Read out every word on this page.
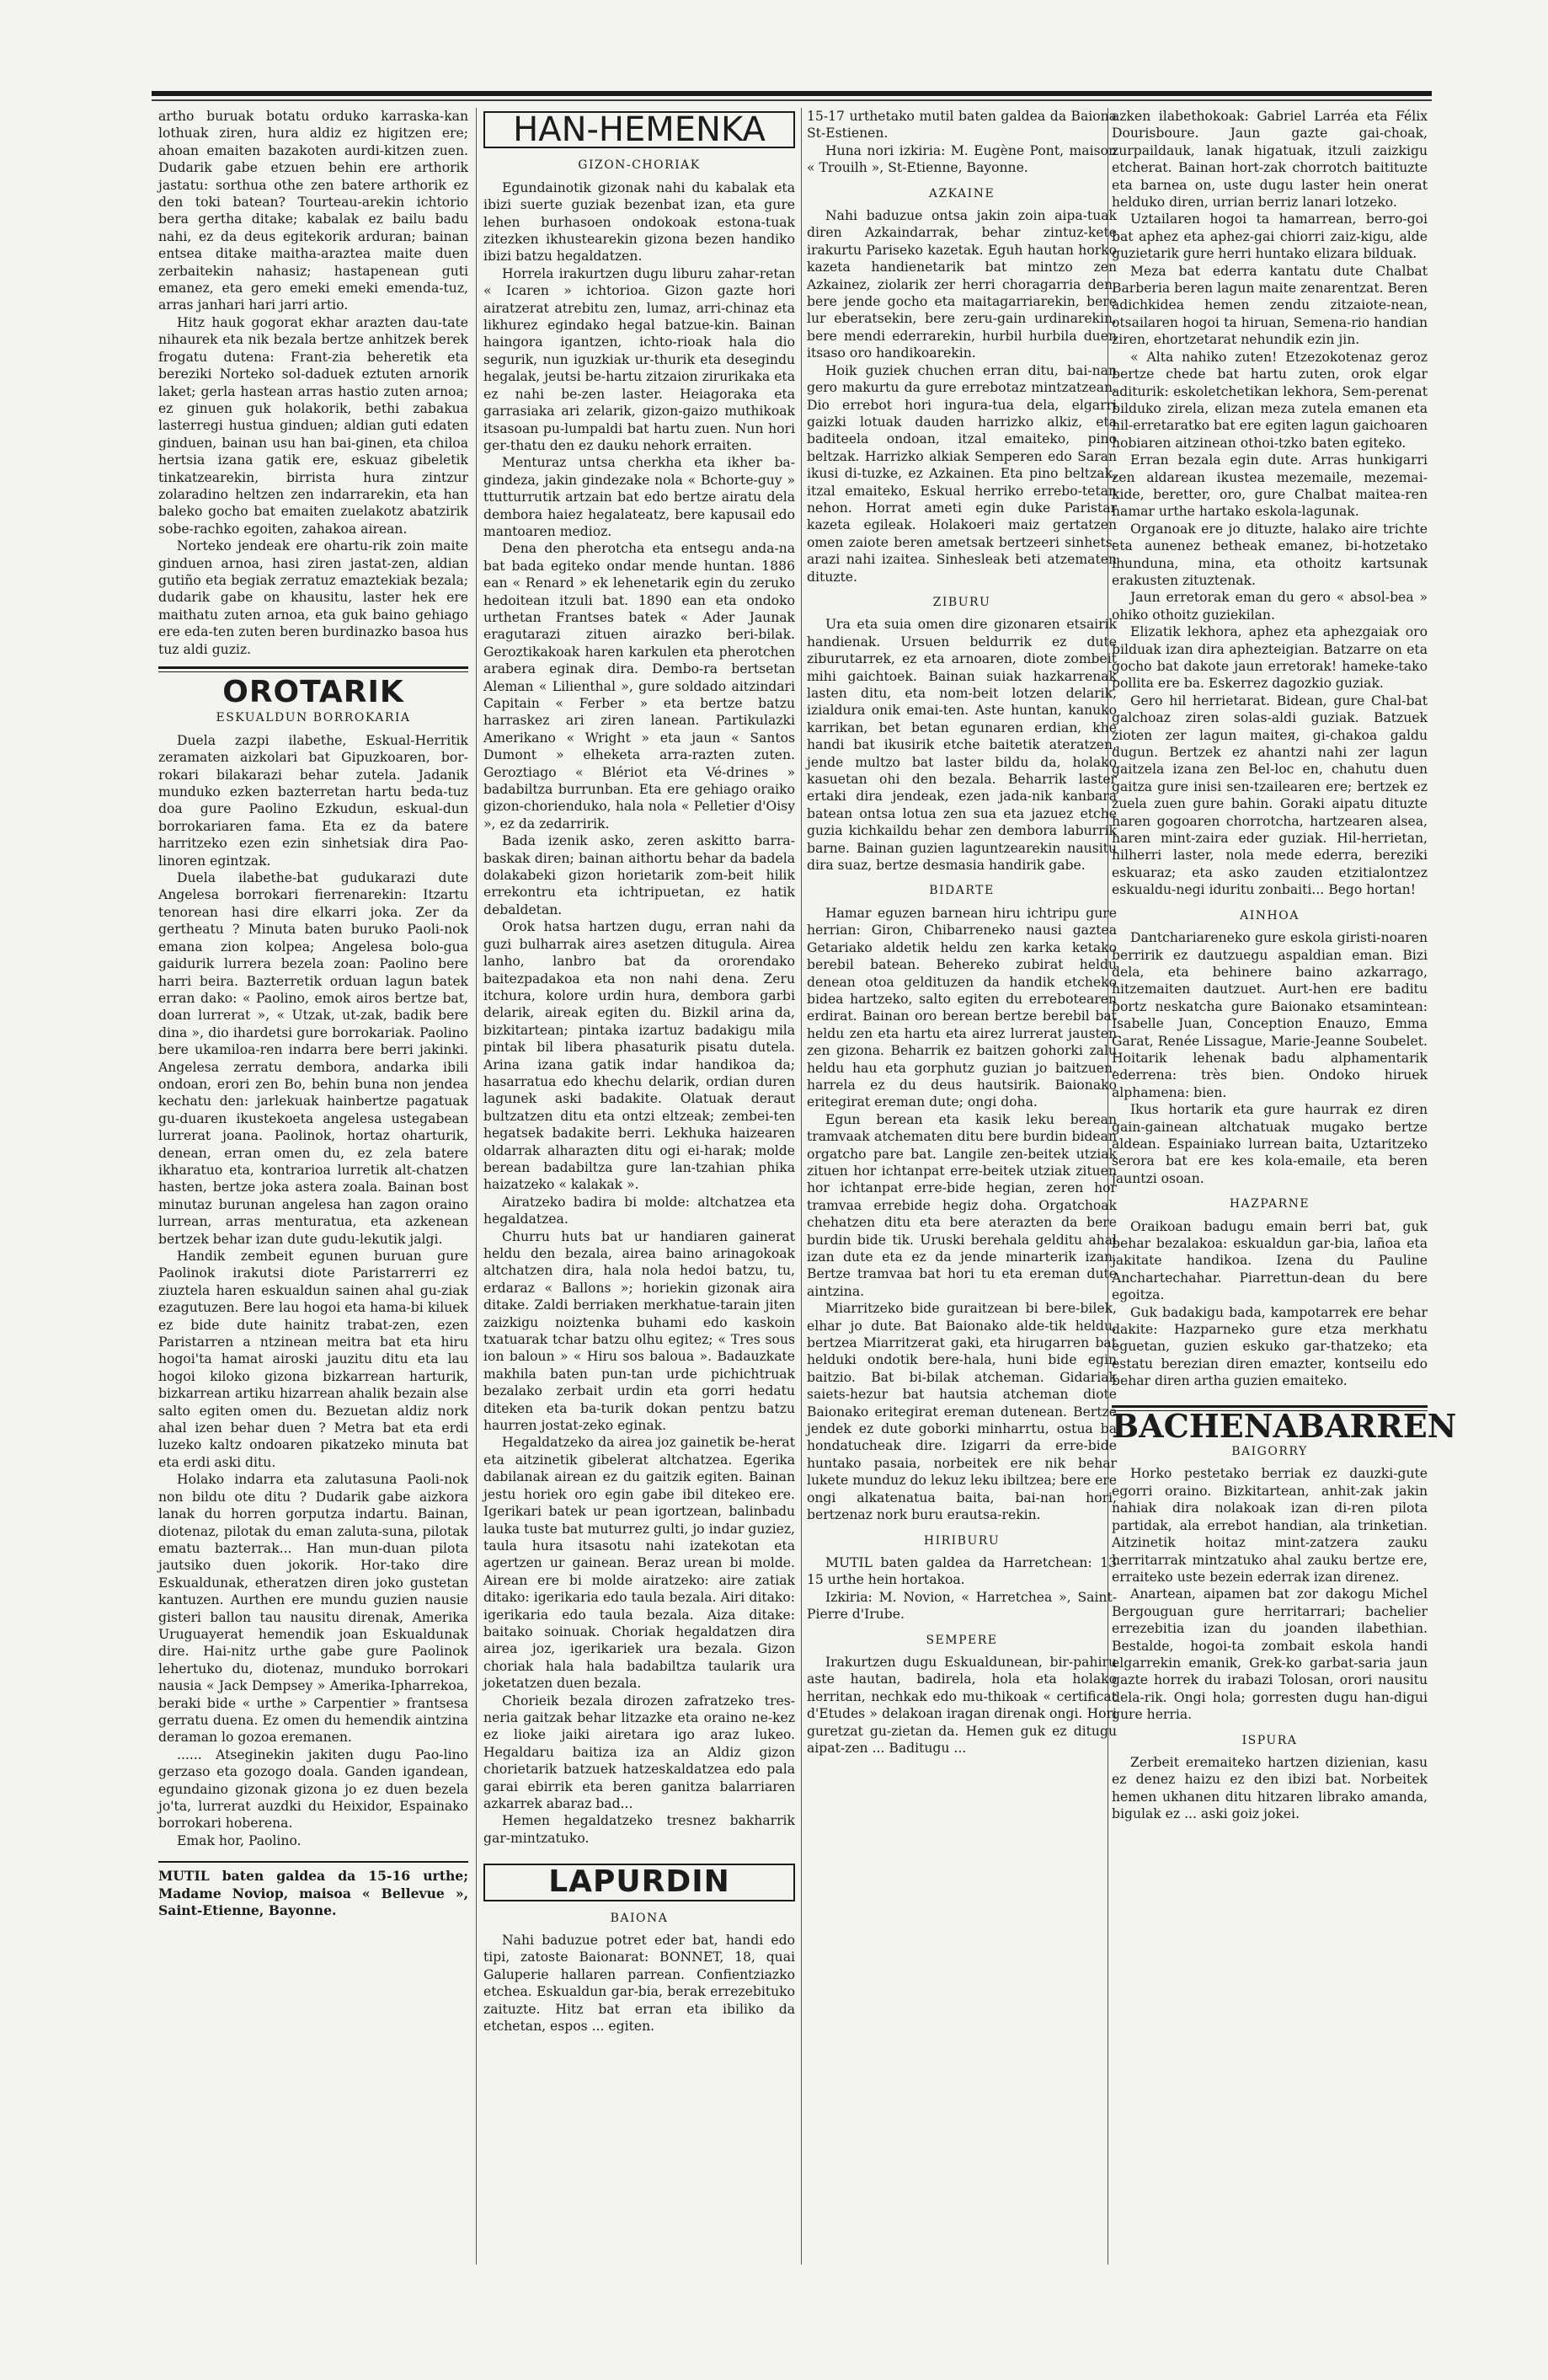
artho buruak botatu orduko karraska-kan lothuak ziren, hura aldiz ez higitzen ere; ahoan emaiten bazakoten aurdi-kitzen zuen. Dudarik gabe etzuen behin ere arthorik jastatu: sorthua othe zen batere arthorik ez den toki batean? Tourteau-arekin ichtorio bera gertha ditake; kabalak ez bailu badu nahi, ez da deus egitekorik arduran; bainan entsea ditake maitha-araztea maite duen zerbaitekin nahasiz; hastapenean guti emanez, eta gero emeki emeki emenda-tuz, arras janhari hari jarri artio.

Hitz hauk gogorat ekhar arazten dau-tate nihaurek eta nik bezala bertze anhitzek berek frogatu dutena: Frant-zia beheretik eta bereziki Norteko sol-daduek eztuten arnorik laket; gerla hastean arras hastio zuten arnoa; ez ginuen guk holakorik, bethi zabakua lasterregi hustua ginduen; aldian guti edaten ginduen, bainan usu han bai-ginen, eta chiloa hertsia izana gatik ere, eskuaz gibeletik tinkatzearekin, birrista hura zintzur zolaradino heltzen zen indarrarekin, eta han baleko gocho bat emaiten zuelakotz abatzirik sobe-rachko egoiten, zahakoa airean.

Norteko jendeak ere ohartu-rik zoin maite ginduen arnoa, hasi ziren jastat-zen, aldian gutiño eta begiak zerratuz emaztekiak bezala; dudarik gabe on khausitu, laster hek ere maithatu zuten arnoa, eta guk baino gehiago ere eda-ten zuten beren burdinazko basoa hus tuz aldi guziz.

OROTARIK
ESKUALDUN BORROKARIA

Duela zazpi ilabethe, Eskual-Herritik zeramaten aizkolari bat Gipuzkoaren, bor-rokari bilakarazi behar zutela. Jadanik munduko ezken bazterretan hartu beda-tuz doa gure Paolino Ezkudun, eskual-dun borrokariaren fama. Eta ez da batere harritzeko ezen ezin sinhetsiak dira Pao-linoren egintzak.

Duela ilabethe-bat gudukarazi dute Angelesa borrokari fierrenarekin: Itzartu tenorean hasi dire elkarri joka. Zer da gertheatu ? Minuta baten buruko Paoli-nok emana zion kolpea; Angelesa bolo-gua gaidurik lurrera bezela zoan: Paolino bere harri beira. Bazterretik orduan lagun batek erran dako: « Paolino, emok airos bertze bat, doan lurrerat », « Utzak, ut-zak, badik bere dina », dio ihardetsi gure borrokariak. Paolino bere ukamiloa-ren indarra bere berri jakinki. Angelesa zerratu dembora, andarka ibili ondoan, erori zen Bo, behin buna non jendea kechatu den: jarlekuak hainbertze pagatuak gu-duaren ikustekoeta angelesa ustegabean lurrerat joana. Paolinok, hortaz oharturik, denean, erran omen du, ez zela batere ikharatuo eta, kontrarioa lurretik alt-chatzen hasten, bertze joka astera zoala. Bainan bost minutaz burunan angelesa han zagon oraino lurrean, arras menturatua, eta azkenean bertzek behar izan dute gudu-lekutik jalgi.

Handik zembeit egunen buruan gure Paolinok irakutsi diote Paristarrerri ez ziuztela haren eskualdun sainen ahal gu-ziak ezagutuzen. Bere lau hogoi eta hama-bi kiluek ez bide dute hainitz trabat-zen, ezen Paristarren a ntzinean meitra bat eta hiru hogoi'ta hamat airoski jauzitu ditu eta lau hogoi kiloko gizona bizkarrean harturik, bizkarrean artiku hizarrean ahalik bezain alse salto egiten omen du. Bezuetan aldiz nork ahal izen behar duen ? Metra bat eta erdi luzeko kaltz ondoaren pikatzeko minuta bat eta erdi aski ditu.

Holako indarra eta zalutasuna Paoli-nok non bildu ote ditu ? Dudarik gabe aizkora lanak du horren gorputza indartu. Bainan, diotenaz, pilotak du eman zaluta-suna, pilotak ematu bazterrak... Han mun-duan pilota jautsiko duen jokorik. Hor-tako dire Eskualdunak, etheratzen diren joko gustetan kantuzen. Aurthen ere mundu guzien nausie gisteri ballon tau nausitu direnak, Amerika Uruguayerat hemendik joan Eskualdunak dire. Hai-nitz urthe gabe gure Paolinok lehertuko du, diotenaz, munduko borrokari nausia « Jack Dempsey » Amerika-Ipharrekoa, beraki bide « urthe » Carpentier » frantsesa gerratu duena. Ez omen du hemendik aintzina deraman lo gozoa eremanen.

...... Atseginekin jakiten dugu Pao-lino gerzaso eta gozogo doala. Ganden igandean, egundaino gizonak gizona jo ez duen bezela jo'ta, lurrerat auzdki du Heixidor, Espainako borrokari hoberena.

Emak hor, Paolino.

MUTIL baten galdea da 15-16 urthe; Madame Noviop, maisoa « Bellevue », Saint-Etienne, Bayonne.

HAN-HEMENKA
GIZON-CHORIAK

Egundainotik gizonak nahi du kabalak eta ibizi suerte guziak bezenbat izan, eta gure lehen burhasoen ondokoak estona-tuak zitezken ikhustearekin gizona bezen handiko ibizi batzu hegaldatzen.

Horrela irakurtzen dugu liburu zahar-retan « Icaren » ichtorioa. Gizon gazte hori airatzerat atrebitu zen, lumaz, arri-chinaz eta likhurez egindako hegal batzue-kin. Bainan haingora igantzen, ichto-rioak hala dio segurik, nun iguzkiak ur-thurik eta desegindu hegalak, jeutsi be-hartu zitzaion zirurikaka eta ez nahi be-zen laster. Heiagoraka eta garrasiaka ari zelarik, gizon-gaizo muthikoak itsasoan pu-lumpaldi bat hartu zuen. Nun hori ger-thatu den ez dauku nehork erraiten.

Menturaz untsa cherkha eta ikher ba-gindeza, jakin gindezake nola « Bchorte-guy » ttutturrutik artzain bat edo bertze airatu dela dembora haiez hegalateatz, bere kapusail edo mantoaren medioz.

Dena den pherotcha eta entsegu anda-na bat bada egiteko ondar mende huntan. 1886 ean « Renard » ek lehenetarik egin du zeruko hedoitean itzuli bat. 1890 ean eta ondoko urthetan Frantses batek « Ader Jaunak eragutarazi zituen airazko beri-bilak. Geroztikakoak haren karkulen eta pherotchen arabera eginak dira. Dembo-ra bertsetan Aleman « Lilienthal », gure soldado aitzindari Capitain « Ferber » eta bertze batzu harraskez ari ziren lanean. Partikulazki Amerikano « Wright » eta jaun « Santos Dumont » elheketa arra-razten zuten. Geroztiago « Blériot eta Vé-drines » badabiltza burrunban. Eta ere gehiago oraiko gizon-chorienduko, hala nola « Pelletier d'Oisy », ez da zedarririk.

Bada izenik asko, zeren askitto barra-baskak diren; bainan aithortu behar da badela dolakabeki gizon horietarik zom-beit hilik errekontru eta ichtripuetan, ez hatik debaldetan.

Orok hatsa hartzen dugu, erran nahi da guzi bulharrak aireз asetzen ditugula. Airea lanho, lanbro bat da ororendako baitezpadakoa eta non nahi dena. Zeru itchura, kolore urdin hura, dembora garbi delarik, aireak egiten du. Bizkil arina da, bizkitartean; pintaka izartuz badakigu mila pintak bil libera phasaturik pisatu dutela. Arina izana gatik indar handikoa da; hasarratua edo khechu delarik, ordian duren lagunek aski badakite. Olatuak deraut bultzatzen ditu eta ontzi eltzeak; zembei-ten hegatsek badakite berri. Lekhuka haizearen oldarrak alharazten ditu ogi ei-harak; molde berean badabiltza gure lan-tzahian phika haizatzeko « kalakak ».

Airatzeko badira bi molde: altchatzea eta hegaldatzea.

Churru huts bat ur handiaren gainerat heldu den bezala, airea baino arinagokoak altchatzen dira, hala nola hedoi batzu, tu, erdaraz « Ballons »; horiekin gizonak aira ditake. Zaldi berriaken merkhatue-tarain jiten zaizkigu noiztenka buhami edo kaskoin txatuarak tchar batzu olhu egitez; « Tres sous ion baloun » « Hiru sos baloua ». Badauzkate makhila baten pun-tan urde pichichtruak bezalako zerbait urdin eta gorri hedatu diteken eta ba-turik dokan pentzu batzu haurren jostat-zeko eginak.

Hegaldatzeko da airea joz gainetik be-herat eta aitzinetik gibelerat altchatzea. Egerika dabilanak airean ez du gaitzik egiten. Bainan jestu horiek oro egin gabe ibil ditekeo ere. Igerikari batek ur pean igortzean, balinbadu lauka tuste bat muturrez gulti, jo indar guziez, taula hura itsasotu nahi izatekotan eta agertzen ur gainean. Beraz urean bi molde. Airean ere bi molde airatzeko: aire zatiak ditako: igerikaria edo taula bezala. Airi ditako: igerikaria edo taula bezala. Aiza ditake: baitako soinuak. Choriak hegaldatzen dira airea joz, igerikariek ura bezala. Gizon choriak hala hala badabiltza taularik ura joketatzen duen bezala.

Chorieik bezala dirozen zafratzeko tres-neria gaitzak behar litzazke eta oraino ne-kez ez lioke jaiki airetara igo araz lukeo. Hegaldaru baitiza iza an Aldiz gizon chorietarik batzuek hatzeskaldatzea edo pala garai ebirrik eta beren ganitza balarriaren azkarrek abaraz bad...

Hemen hegaldatzeko tresnez bakharrik gar-mintzatuko.

LAPURDIN
BAIONA

Nahi baduzue potret eder bat, handi edo tipi, zatoste Baionarat: BONNET, 18, quai Galuperie hallaren parrean. Confientziazko etchea. Eskualdun gar-bia, berak errezebituko zaituzte. Hitz bat erran eta ibiliko da etchetan, espos ... egiten.

15-17 urthetako mutil baten galdea da Baiona St-Estienen.

Huna nori izkiria: M. Eugène Pont, maison « Trouilh », St-Etienne, Bayonne.

AZKAINE

Nahi baduzue ontsa jakin zoin aipa-tuak diren Azkaindarrak, behar zintuz-kete irakurtu Pariseko kazetak. Eguh hautan horko kazeta handienetarik bat mintzo zen Azkainez, ziolarik zer herri choragarria den, bere jende gocho eta maitagarriarekin, bere lur eberatsekin, bere zeru-gain urdinarekin, bere mendi ederrarekin, hurbil hurbila duen itsaso oro handikoarekin.

Hoik guziek chuchen erran ditu, bai-nan gero makurtu da gure errebotaz mintzatzean. Dio errebot hori ingura-tua dela, elgarri gaizki lotuak dauden harrizko alkiz, eta baditeela ondoan, itzal emaiteko, pino beltzak. Harrizko alkiak Semperen edo Saran ikusi di-tuzke, ez Azkainen. Eta pino beltzak, itzal emaiteko, Eskual herriko errebo-tetan nehon. Horrat ameti egin duke Paristar kazeta egileak. Holakoeri maiz gertatzen omen zaiote beren ametsak bertzeeri sinhets-arazi nahi izaitea. Sinhesleak beti atzematen dituzte.

ZIBURU

Ura eta suia omen dire gizonaren etsairik handienak. Ursuen beldurrik ez dute ziburutarrek, ez eta arnoaren, diote zombeit mihi gaichtoek. Bainan suiak hazkarrenak lasten ditu, eta nom-beit lotzen delarik, izialdura onik emai-ten. Aste huntan, kanuko karrikan, bet betan egunaren erdian, khe handi bat ikusirik etche baitetik ateratzen, jende multzo bat laster bildu da, holako kasuetan ohi den bezala. Beharrik laster ertaki dira jendeak, ezen jada-nik kanbara batean ontsa lotua zen sua eta jazuez etche guzia kichkaildu behar zen dembora laburrik barne. Bainan guzien laguntzearekin nausitu dira suaz, bertze desmasia handirik gabe.

BIDARTE

Hamar eguzen barnean hiru ichtripu gure herrian: Giron, Chibarreneko nausi gaztea Getariako aldetik heldu zen karka ketako berebil batean. Behereko zubirat heldu denean otoa geldituzen da handik etcheko bidea hartzeko, salto egiten du errebotearen erdirat. Bainan oro berean bertze berebil bat heldu zen eta hartu eta airez lurrerat jausten zen gizona. Beharrik ez baitzen gohorki zalu heldu hau eta gorphutz guzian jo baitzuen, harrela ez du deus hautsirik. Baionako eritegirat ereman dute; ongi doha.

Egun berean eta kasik leku berean tramvaak atchematen ditu bere burdin bidean orgatcho pare bat. Langile zen-beitek utziak zituen hor ichtanpat erre-beitek utziak zituen hor ichtanpat erre-bide hegian, zeren hor tramvaa errebide hegiz doha. Orgatchoak chehatzen ditu eta bere aterazten da bere burdin bide tik. Uruski berehala gelditu ahal izan dute eta ez da jende minarterik izan. Bertze tramvaa bat hori tu eta ereman dute aintzina.

Miarritzeko bide guraitzean bi bere-bilek, elhar jo dute. Bat Baionako alde-tik heldu, bertzea Miarritzerat gaki, eta hirugarren bat helduki ondotik bere-hala, huni bide egin baitzio. Bat bi-bilak atcheman. Gidariak saiets-hezur bat hautsia atcheman diote Baionako eritegirat ereman dutenean. Bertze jendek ez dute goborki minharrtu, ostua ba hondatucheak dire. Izigarri da erre-bide huntako pasaia, norbeitek ere nik behar lukete munduz do lekuz leku ibiltzea; bere ere ongi alkatenatua baita, bai-nan hori, bertzenaz nork buru erautsa-rekin.

HIRIBURU

MUTIL baten galdea da Harretchean: 13 15 urthe hein hortakoa.

Izkiria: M. Novion, « Harretchea », Saint-Pierre d'Irube.

SEMPERE

Irakurtzen dugu Eskualdunean, bir-pahiru aste hautan, badirela, hola eta holako herritan, nechkak edo mu-thikoak « certificat d'Etudes » delakoan iragan direnak ongi. Hori guretzat gu-zietan da. Hemen guk ez ditugu aipat-zen ... Baditugu ...

azken ilabethokoak: Gabriel Larréa eta Félix Dourisboure. Jaun gazte gai-choak, zurpaildauk, lanak higatuak, itzuli zaizkigu etcherat. Bainan hort-zak chorrotch baitituzte eta barnea on, uste dugu laster hein onerat helduko diren, urrian berriz lanari lotzeko.

Uztailaren hogoi ta hamarrean, berro-goi bat aphez eta aphez-gai chiorri zaiz-kigu, alde guzietarik gure herri huntako elizara bilduak.

Meza bat ederra kantatu dute Chalbat Barberia beren lagun maite zenarentzat. Beren adichkidea hemen zendu zitzaiote-nean, otsailaren hogoi ta hiruan, Semena-rio handian ziren, ehortzetarat nehundik ezin jin.

« Alta nahiko zuten! Etzezokotenaz geroz bertze chede bat hartu zuten, orok elgar aditurik: eskoletchetikan lekhora, Sem-perenat bilduko zirela, elizan meza zutela emanen eta hil-erretaratko bat ere egiten lagun gaichoaren hobiaren aitzinean othoi-tzko baten egiteko.

Erran bezala egin dute. Arras hunkigarri zen aldarean ikustea mezemaile, mezemai-kide, beretter, oro, gure Chalbat maitea-ren hamar urthe hartako eskola-lagunak.

Organoak ere jo dituzte, halako aire trichte eta aunenez betheak emanez, bi-hotzetako ihunduna, mina, eta othoitz kartsunak erakusten zituztenak.

Jaun erretorak eman du gero « absol-bea » ohiko othoitz guziekilan.

Elizatik lekhora, aphez eta aphezgaiak oro bilduak izan dira aphezteigian. Batzarre on eta gocho bat dakote jaun erretorak! hameke-tako pollita ere ba. Eskerrez dagozkio guziak.

Gero hil herrietarat. Bidean, gure Chal-bat galchoaz ziren solas-aldi guziak. Batzuek zioten zer lagun maiteя, gi-chakoa galdu dugun. Bertzek ez ahantzi nahi zer lagun gaitzela izana zen Bel-loc en, chahutu duen gaitza gure inisi sen-tzailearen ere; bertzek ez zuela zuen gure bahin. Goraki aipatu dituzte haren gogoaren chorrotcha, hartzearen alsea, haren mint-zaira eder guziak. Hil-herrietan, hilherri laster, nola mede ederra, bereziki eskuaraz; eta asko zauden etzitialontzez eskualdu-negi iduritu zonbaiti... Bego hortan!

AINHOA

Dantchariareneko gure eskola giristi-noaren berririk ez dautzuegu aspaldian eman. Bizi dela, eta behinere baino azkarrago, hitzemaiten dautzuet. Aurt-hen ere baditu bortz neskatcha gure Baionako etsamintean: Isabelle Juan, Conception Enauzo, Emma Garat, Renée Lissague, Marie-Jeanne Soubelet. Hoitarik lehenak badu alphamentarik ederrena: très bien. Ondoko hiruek alphamena: bien.

Ikus hortarik eta gure haurrak ez diren gain-gainean altchatuak mugako bertze aldean. Espainiako lurrean baita, Uztaritzeko serora bat ere kes kola-emaile, eta beren jauntzi osoan.

HAZPARNE

Oraikoan badugu emain berri bat, guk behar bezalakoa: eskualdun gar-bia, lañoa eta jakitate handikoa. Izena du Pauline Anchartechahar. Piarrettun-dean du bere egoitza.

Guk badakigu bada, kampotarrek ere behar dakite: Hazparneko gure etza merkhatu eguetan, guzien eskuko gar-thatzeko; eta estatu berezian diren emazter, kontseilu edo behar diren artha guzien emaiteko.

BACHENABARREN
BAIGORRY

Horko pestetako berriak ez dauzki-gute egorri oraino. Bizkitartean, anhit-zak jakin nahiak dira nolakoak izan di-ren pilota partidak, ala errebot handian, ala trinketian. Aitzinetik hoitaz mint-zatzera zauku herritarrak mintzatuko ahal zauku bertze ere, erraiteko uste bezein ederrak izan direnez.

Anartean, aipamen bat zor dakogu Michel Bergouguan gure herritarrari; bachelier errezebitia izan du joanden ilabethian. Bestalde, hogoi-ta zombait eskola handi elgarrekin emanik, Grek-ko garbat-saria jaun gazte horrek du irabazi Tolosan, orori nausitu dela-rik. Ongi hola; gorresten dugu han-digui gure herria.

ISPURA

Zerbeit eremaiteko hartzen dizienian, kasu ez denez haizu ez den ibizi bat. Norbeitek hemen ukhanen ditu hitzaren librako amanda, bigulak ez ... aski goiz jokei.
